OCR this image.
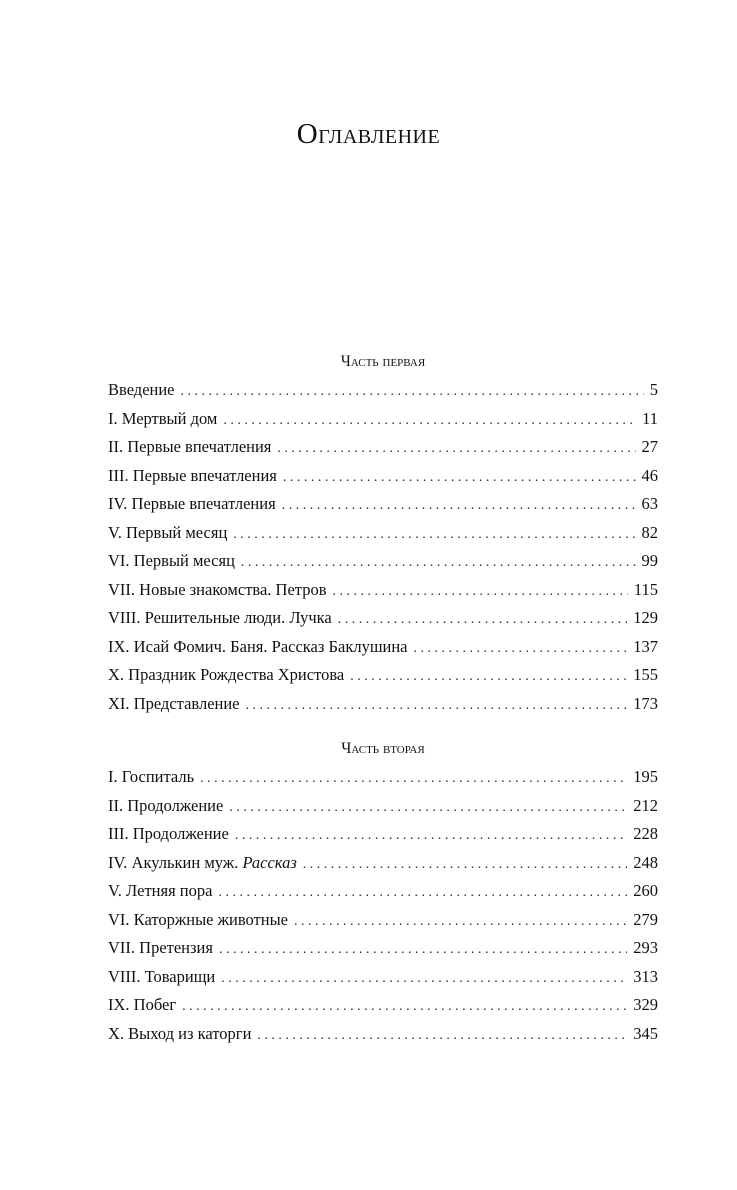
Оглавление
Часть первая
Введение . . .	5
I. Мертвый дом . . .	11
II. Первые впечатления . . .	27
III. Первые впечатления . . .	46
IV. Первые впечатления . . .	63
V. Первый месяц . . .	82
VI. Первый месяц . . .	99
VII. Новые знакомства. Петров . . .	115
VIII. Решительные люди. Лучка . . .	129
IX. Исай Фомич. Баня. Рассказ Баклушина . . .	137
X. Праздник Рождества Христова . . .	155
XI. Представление . . .	173
Часть вторая
I. Госпиталь . . .	195
II. Продолжение . . .	212
III. Продолжение . . .	228
IV. Акулькин муж. Рассказ . . .	248
V. Летняя пора . . .	260
VI. Каторжные животные . . .	279
VII. Претензия . . .	293
VIII. Товарищи . . .	313
IX. Побег . . .	329
X. Выход из каторги . . .	345
